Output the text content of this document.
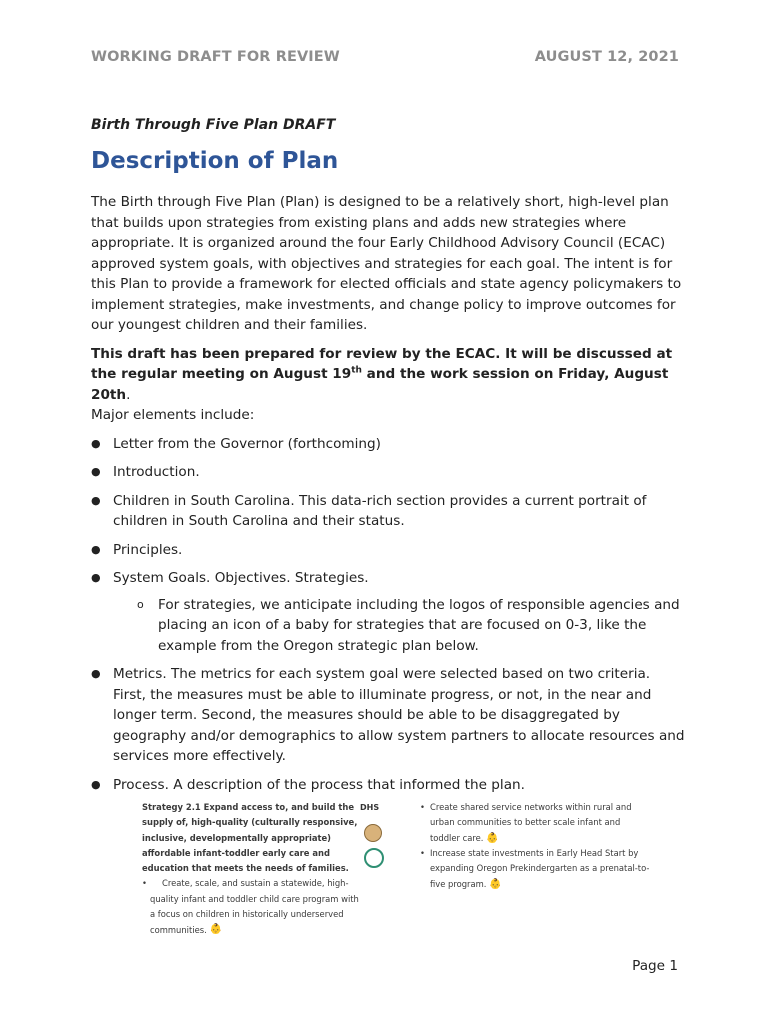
WORKING DRAFT FOR REVIEW	AUGUST 12, 2021
Birth Through Five Plan DRAFT
Description of Plan

The Birth through Five Plan (Plan) is designed to be a relatively short, high-level plan that builds upon strategies from existing plans and adds new strategies where appropriate. It is organized around the four Early Childhood Advisory Council (ECAC) approved system goals, with objectives and strategies for each goal. The intent is for this Plan to provide a framework for elected officials and state agency policymakers to implement strategies, make investments, and change policy to improve outcomes for our youngest children and their families.

This draft has been prepared for review by the ECAC. It will be discussed at the regular meeting on August 19th and the work session on Friday, August 20th.

Major elements include:

● Letter from the Governor (forthcoming)
● Introduction.
● Children in South Carolina. This data-rich section provides a current portrait of children in South Carolina and their status.
● Principles.
● System Goals. Objectives. Strategies.
o For strategies, we anticipate including the logos of responsible agencies and placing an icon of a baby for strategies that are focused on 0-3, like the example from the Oregon strategic plan below.
● Metrics. The metrics for each system goal were selected based on two criteria. First, the measures must be able to illuminate progress, or not, in the near and longer term. Second, the measures should be able to be disaggregated by geography and/or demographics to allow system partners to allocate resources and services more effectively.
● Process. A description of the process that informed the plan.
Strategy 2.1 Expand access to, and build the supply of, high-quality (culturally responsive, inclusive, developmentally appropriate) affordable infant-toddler early care and education that meets the needs of families.
• Create, scale, and sustain a statewide, high-quality infant and toddler child care program with a focus on children in historically underserved communities. 👶
DHS	• Create shared service networks within rural and urban communities to better scale infant and toddler care. 👶
• Increase state investments in Early Head Start by expanding Oregon Prekindergarten as a prenatal-to-five program. 👶
Page 1
